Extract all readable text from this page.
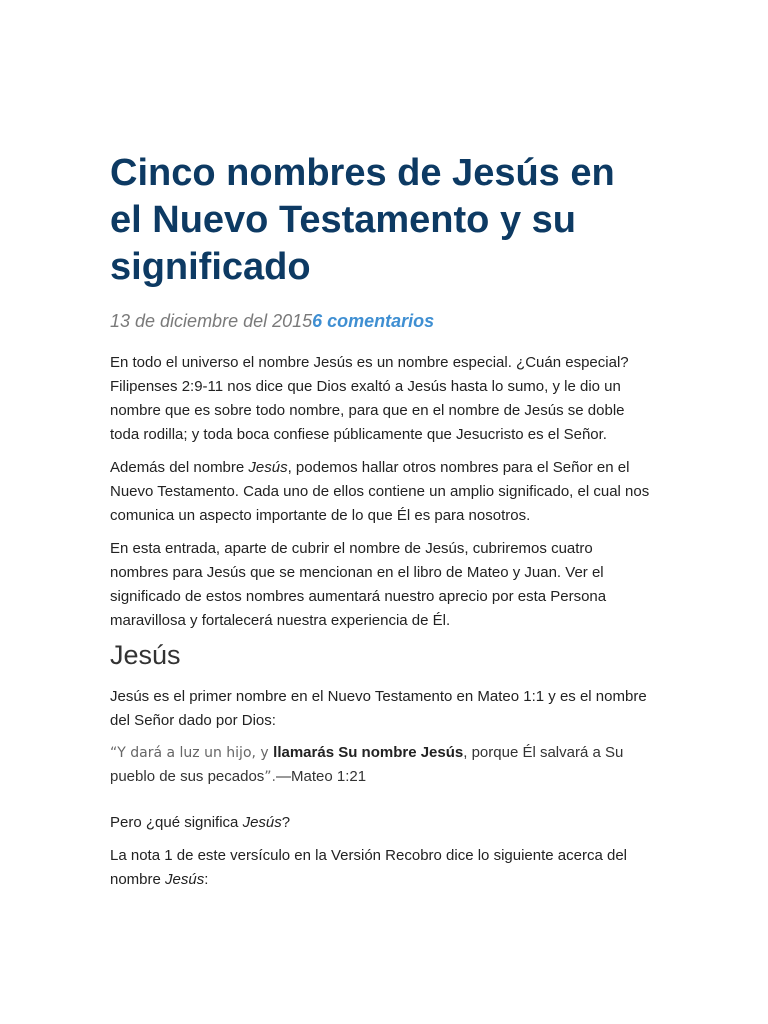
Cinco nombres de Jesús en el Nuevo Testamento y su significado
13 de diciembre del 20156 comentarios

En todo el universo el nombre Jesús es un nombre especial. ¿Cuán especial? Filipenses 2:9-11 nos dice que Dios exaltó a Jesús hasta lo sumo, y le dio un nombre que es sobre todo nombre, para que en el nombre de Jesús se doble toda rodilla; y toda boca confiese públicamente que Jesucristo es el Señor.

Además del nombre Jesús, podemos hallar otros nombres para el Señor en el Nuevo Testamento. Cada uno de ellos contiene un amplio significado, el cual nos comunica un aspecto importante de lo que Él es para nosotros.

En esta entrada, aparte de cubrir el nombre de Jesús, cubriremos cuatro nombres para Jesús que se mencionan en el libro de Mateo y Juan. Ver el significado de estos nombres aumentará nuestro aprecio por esta Persona maravillosa y fortalecerá nuestra experiencia de Él.

Jesús

Jesús es el primer nombre en el Nuevo Testamento en Mateo 1:1 y es el nombre del Señor dado por Dios:

“Y dará a luz un hijo, y llamarás Su nombre Jesús, porque Él salvará a Su pueblo de sus pecados”.—Mateo 1:21

Pero ¿qué significa Jesús?

La nota 1 de este versículo en la Versión Recobro dice lo siguiente acerca del nombre Jesús:
